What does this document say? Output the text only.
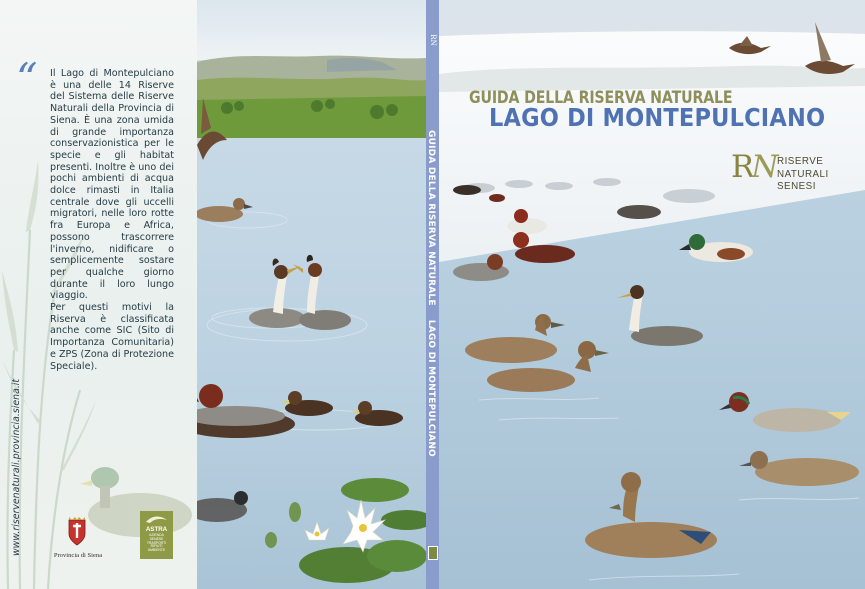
“ Il Lago di Montepulciano è una delle 14 Riserve del Sistema delle Riserve Naturali della Provincia di Siena. È una zona umida di grande importanza conservazionistica per le specie e gli habitat presenti. Inoltre è uno dei pochi ambienti di acqua dolce rimasti in Italia centrale dove gli uccelli migratori, nelle loro rotte fra Europa e Africa, possono trascorrere l'inverno, nidificare o semplicemente sostare per qualche giorno durante il loro lungo viaggio.

Per questi motivi la Riserva è classificata anche come SIC (Sito di Importanza Comunitaria) e ZPS (Zona di Protezione Speciale).

www.riservenaturali.provincia.siena.it	Provincia di Siena
ASTRA
AZIENDA SENESE TRASPORTI RIFIUTI AMBIENTE
RN
GUIDA DELLA RISERVA NATURALELAGO DI MONTEPULCIANO
GUIDA DELLA RISERVA NATURALE
LAGO DI MONTEPULCIANO
RN
RISERVE
NATURALI
SENESI
